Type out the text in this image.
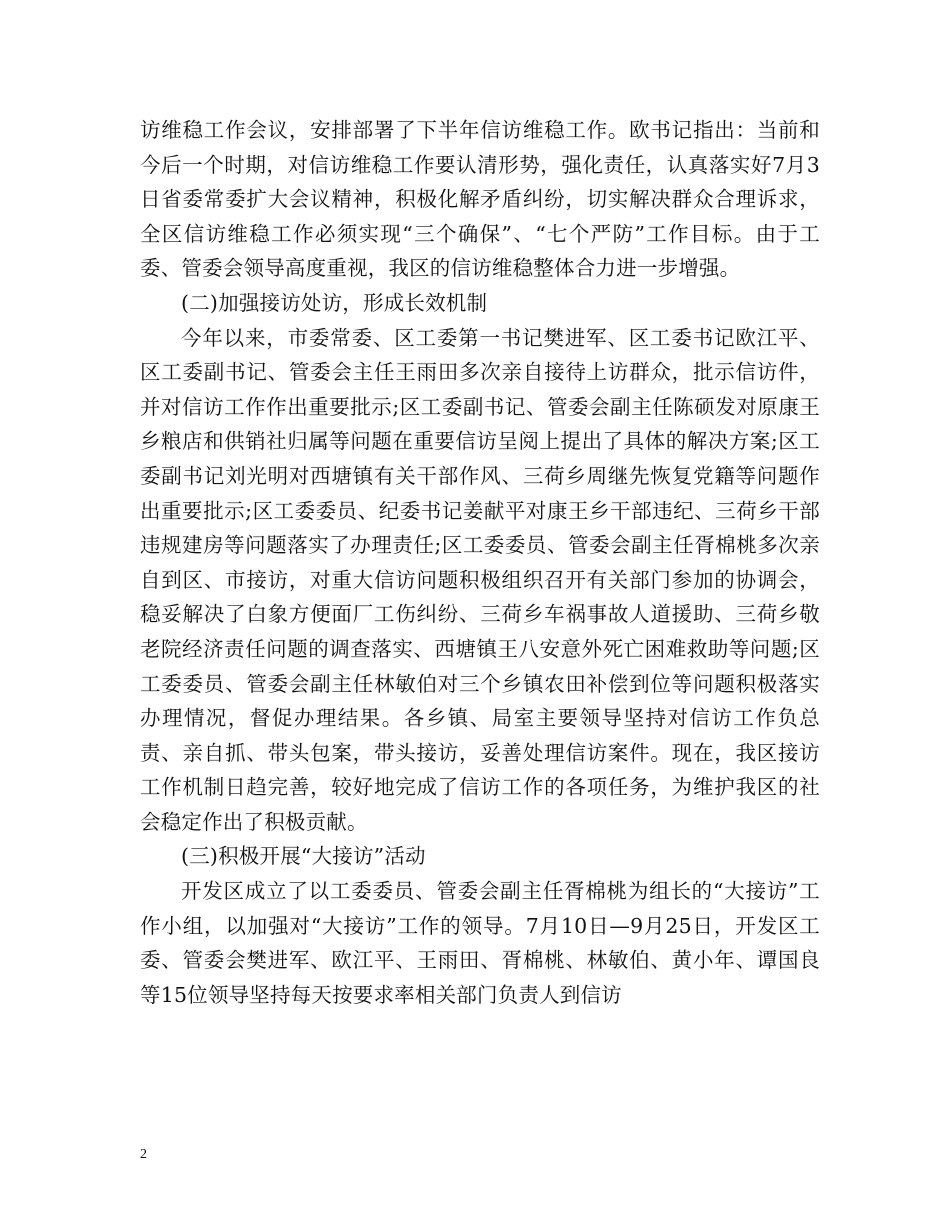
访维稳工作会议，安排部署了下半年信访维稳工作。欧书记指出：当前和今后一个时期，对信访维稳工作要认清形势，强化责任，认真落实好7月3日省委常委扩大会议精神，积极化解矛盾纠纷，切实解决群众合理诉求，全区信访维稳工作必须实现“三个确保”、“七个严防”工作目标。由于工委、管委会领导高度重视，我区的信访维稳整体合力进一步增强。

(二)加强接访处访，形成长效机制

今年以来，市委常委、区工委第一书记樊进军、区工委书记欧江平、区工委副书记、管委会主任王雨田多次亲自接待上访群众，批示信访件，并对信访工作作出重要批示;区工委副书记、管委会副主任陈硕发对原康王乡粮店和供销社归属等问题在重要信访呈阅上提出了具体的解决方案;区工委副书记刘光明对西塘镇有关干部作风、三荷乡周继先恢复党籍等问题作出重要批示;区工委委员、纪委书记姜献平对康王乡干部违纪、三荷乡干部违规建房等问题落实了办理责任;区工委委员、管委会副主任胥棉桃多次亲自到区、市接访，对重大信访问题积极组织召开有关部门参加的协调会，稳妥解决了白象方便面厂工伤纠纷、三荷乡车祸事故人道援助、三荷乡敬老院经济责任问题的调查落实、西塘镇王八安意外死亡困难救助等问题;区工委委员、管委会副主任林敏伯对三个乡镇农田补偿到位等问题积极落实办理情况，督促办理结果。各乡镇、局室主要领导坚持对信访工作负总责、亲自抓、带头包案，带头接访，妥善处理信访案件。现在，我区接访工作机制日趋完善，较好地完成了信访工作的各项任务，为维护我区的社会稳定作出了积极贡献。

(三)积极开展“大接访”活动

开发区成立了以工委委员、管委会副主任胥棉桃为组长的“大接访”工作小组，以加强对“大接访”工作的领导。7月10日—9月25日，开发区工委、管委会樊进军、欧江平、王雨田、胥棉桃、林敏伯、黄小年、谭国良等15位领导坚持每天按要求率相关部门负责人到信访

2
